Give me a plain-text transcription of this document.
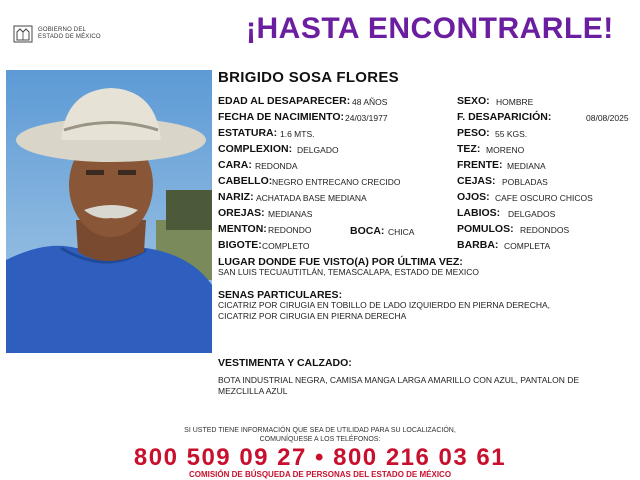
GOBIERNO DEL
ESTADO DE MÉXICO	¡HASTA ENCONTRARLE!
BRIGIDO SOSA FLORES
EDAD AL DESAPARECER: 48 AÑOS
FECHA DE NACIMIENTO: 24/03/1977
ESTATURA: 1.6 MTS.
COMPLEXION: DELGADO
CARA: REDONDA
CABELLO: NEGRO ENTRECANO CRECIDO
NARIZ: ACHATADA BASE MEDIANA
OREJAS: MEDIANAS
MENTON: REDONDO	BOCA: CHICA
BIGOTE: COMPLETO
SEXO: HOMBRE
F. DESAPARICIÓN:	08/08/2025
PESO: 55 KGS.
TEZ: MORENO
FRENTE: MEDIANA
CEJAS: POBLADAS
OJOS: CAFE OSCURO CHICOS
LABIOS: DELGADOS
POMULOS: REDONDOS
BARBA: COMPLETA
LUGAR DONDE FUE VISTO(A) POR ÚLTIMA VEZ:
SAN LUIS TECUAUTITLÁN, TEMASCALAPA, ESTADO DE MEXICO
SENAS PARTICULARES:
CICATRIZ POR CIRUGIA EN TOBILLO DE LADO IZQUIERDO EN PIERNA DERECHA,
CICATRIZ POR CIRUGIA EN PIERNA DERECHA
VESTIMENTA Y CALZADO:
BOTA INDUSTRIAL NEGRA, CAMISA MANGA LARGA AMARILLO CON AZUL, PANTALON DE
MEZCLILLA AZUL
SI USTED TIENE INFORMACIÓN QUE SEA DE UTILIDAD PARA SU LOCALIZACIÓN,
COMUNÍQUESE A LOS TELÉFONOS:
800 509 09 27 • 800 216 03 61
COMISIÓN DE BÚSQUEDA DE PERSONAS DEL ESTADO DE MÉXICO
